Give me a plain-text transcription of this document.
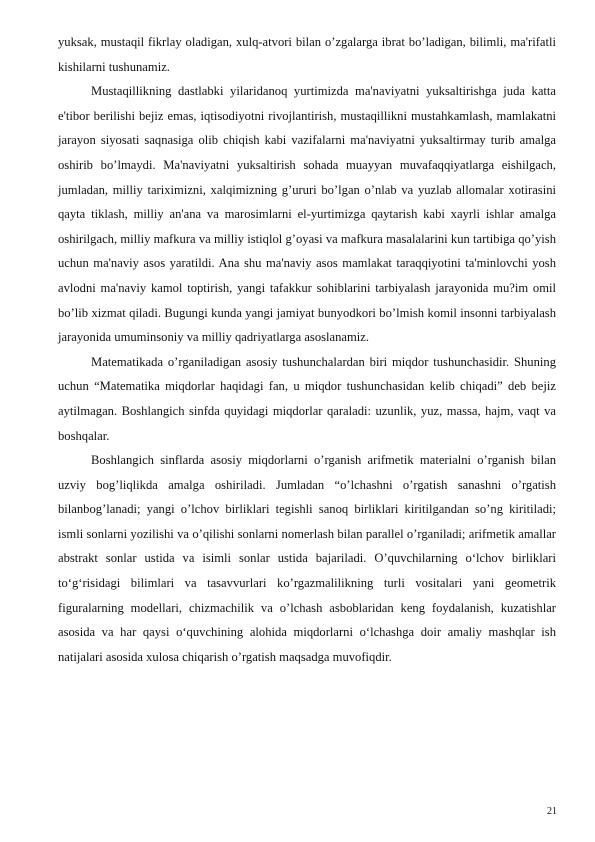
yuksak, mustaqil fikrlay oladigan, xulq-atvori bilan o’zgalarga ibrat bo’ladigan, bilimli, ma'rifatli kishilarni tushunamiz.

Mustaqillikning dastlabki yilaridanoq yurtimizda ma'naviyatni yuksaltirishga juda katta e'tibor berilishi bejiz emas, iqtisodiyotni rivojlantirish, mustaqillikni mustahkamlash, mamlakatni jarayon siyosati saqnasiga olib chiqish kabi vazifalarni ma'naviyatni yuksaltirmay turib amalga oshirib bo’lmaydi. Ma'naviyatni yuksaltirish sohada muayyan muvafaqqiyatlarga eishilgach, jumladan, milliy tariximizni, xalqimizning g’ururi bo’lgan o’nlab va yuzlab allomalar xotirasini qayta tiklash, milliy an'ana va marosimlarni el-yurtimizga qaytarish kabi xayrli ishlar amalga oshirilgach, milliy mafkura va milliy istiqlol g’oyasi va mafkura masalalarini kun tartibiga qo’yish uchun ma'naviy asos yaratildi. Ana shu ma'naviy asos mamlakat taraqqiyotini ta'minlovchi yosh avlodni ma'naviy kamol toptirish, yangi tafakkur sohiblarini tarbiyalash jarayonida mu?im omil bo’lib xizmat qiladi. Bugungi kunda yangi jamiyat bunyodkori bo’lmish komil insonni tarbiyalash jarayonida umuminsoniy va milliy qadriyatlarga asoslanamiz.

Matematikada o’rganiladigan asosiy tushunchalardan biri miqdor tushunchasidir. Shuning uchun “Matematika miqdorlar haqidagi fan, u miqdor tushunchasidan kelib chiqadi” deb bejiz aytilmagan. Boshlangich sinfda quyidagi miqdorlar qaraladi: uzunlik, yuz, massa, hajm, vaqt va boshqalar.

Boshlangich sinflarda asosiy miqdorlarni o’rganish arifmetik materialni o’rganish bilan uzviy bog’liqlikda amalga oshiriladi. Jumladan “o’lchashni o’rgatish sanashni o’rgatish bilanbog’lanadi; yangi o’lchov birliklari tegishli sanoq birliklari kiritilgandan so’ng kiritiladi; ismli sonlarni yozilishi va o’qilishi sonlarni nomerlash bilan parallel o’rganiladi; arifmetik amallar abstrakt sonlar ustida va isimli sonlar ustida bajariladi. O’quvchilarning o‘lchov birliklari to‘g‘risidagi bilimlari va tasavvurlari ko’rgazmalilikning turli vositalari yani geometrik figuralarning modellari, chizmachilik va o’lchash asboblaridan keng foydalanish, kuzatishlar asosida va har qaysi o‘quvchining alohida miqdorlarni o‘lchashga doir amaliy mashqlar ish natijalari asosida xulosa chiqarish o’rgatish maqsadga muvofiqdir.

21
